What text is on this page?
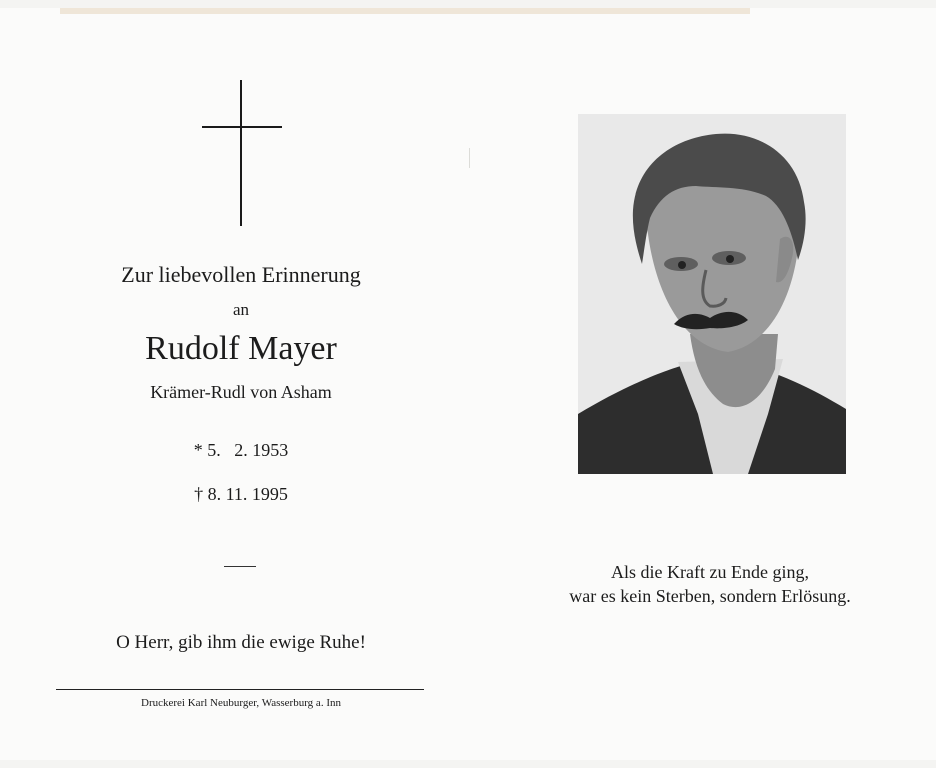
Zur liebevollen Erinnerung
an
Rudolf Mayer
Krämer-Rudl von Asham
* 5.   2. 1953
† 8. 11. 1995
O Herr, gib ihm die ewige Ruhe!
Druckerei Karl Neuburger, Wasserburg a. Inn
Als die Kraft zu Ende ging,
war es kein Sterben, sondern Erlösung.
